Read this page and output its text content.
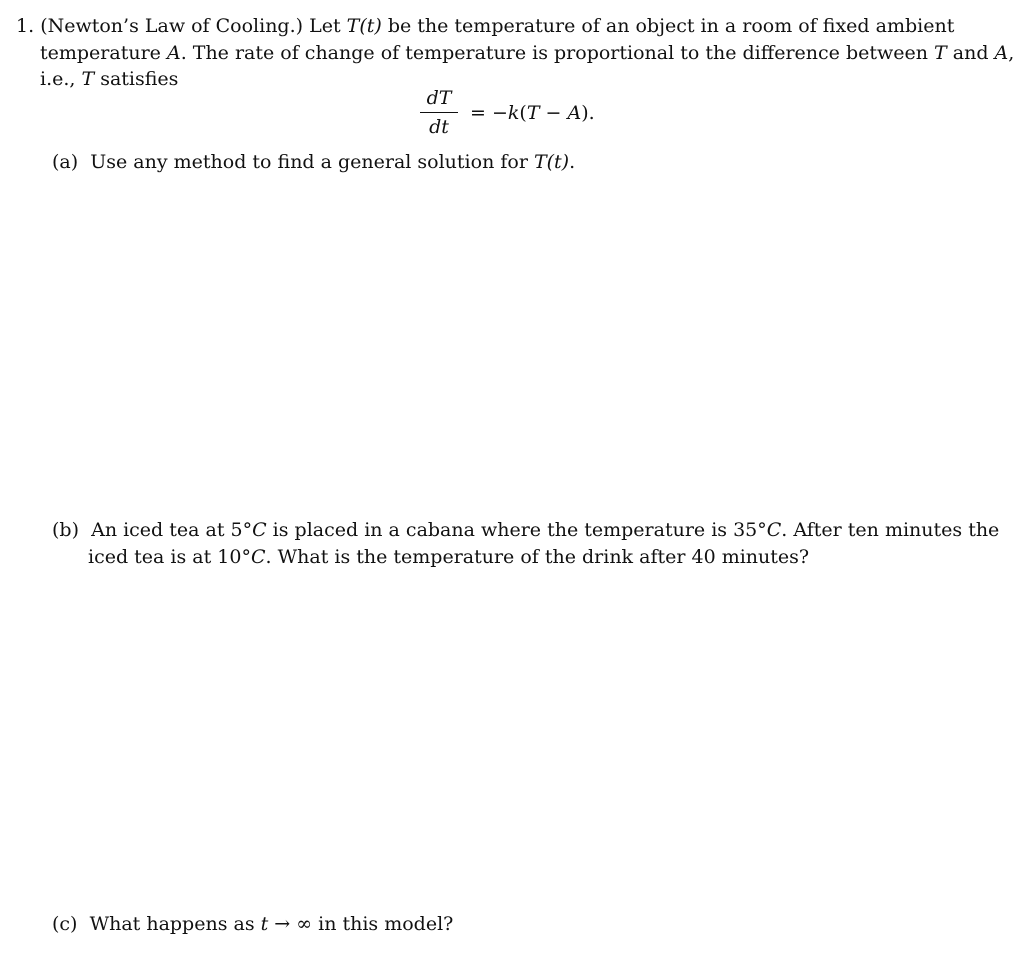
1. (Newton’s Law of Cooling.) Let T(t) be the temperature of an object in a room of fixed ambient
temperature A. The rate of change of temperature is proportional to the difference between T and A,
i.e., T satisfies
dT
dt
= −k(T − A).
(a) Use any method to find a general solution for T(t).
(b) An iced tea at 5°C is placed in a cabana where the temperature is 35°C. After ten minutes the
iced tea is at 10°C. What is the temperature of the drink after 40 minutes?
(c) What happens as t → ∞ in this model?
